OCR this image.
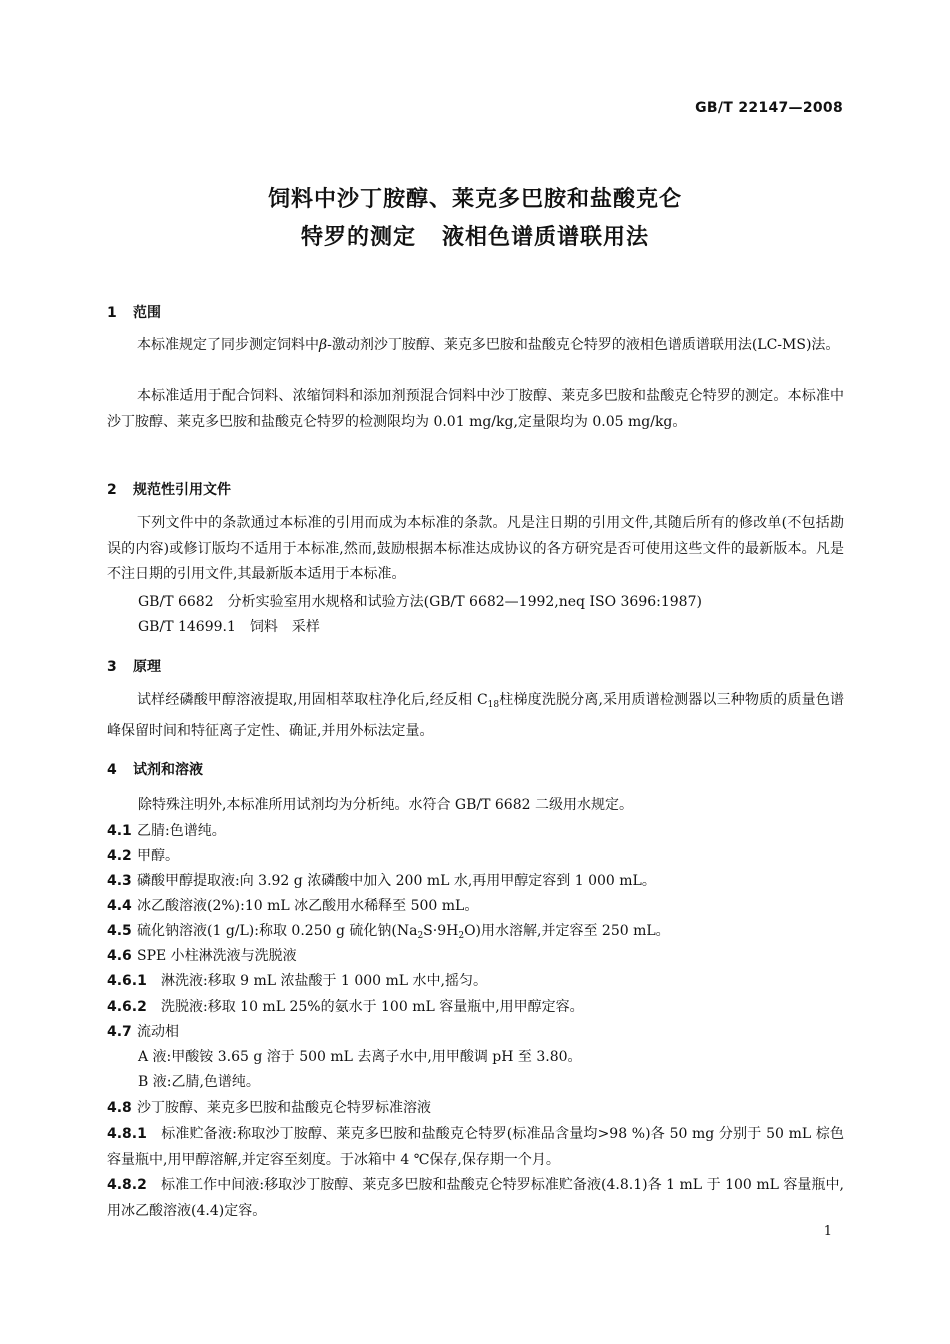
GB/T 22147—2008
饲料中沙丁胺醇、莱克多巴胺和盐酸克仑
特罗的测定 液相色谱质谱联用法
1 范围

本标准规定了同步测定饲料中β-激动剂沙丁胺醇、莱克多巴胺和盐酸克仑特罗的液相色谱质谱联用法(LC-MS)法。

本标准适用于配合饲料、浓缩饲料和添加剂预混合饲料中沙丁胺醇、莱克多巴胺和盐酸克仑特罗的测定。本标准中沙丁胺醇、莱克多巴胺和盐酸克仑特罗的检测限均为 0.01 mg/kg,定量限均为 0.05 mg/kg。

2 规范性引用文件

下列文件中的条款通过本标准的引用而成为本标准的条款。凡是注日期的引用文件,其随后所有的修改单(不包括勘误的内容)或修订版均不适用于本标准,然而,鼓励根据本标准达成协议的各方研究是否可使用这些文件的最新版本。凡是不注日期的引用文件,其最新版本适用于本标准。

GB/T 6682　分析实验室用水规格和试验方法(GB/T 6682—1992,neq ISO 3696:1987)
GB/T 14699.1　饲料　采样
3 原理

试样经磷酸甲醇溶液提取,用固相萃取柱净化后,经反相 $C_{18}$柱梯度洗脱分离,采用质谱检测器以三种物质的质量色谱峰保留时间和特征离子定性、确证,并用外标法定量。

4 试剂和溶液
除特殊注明外,本标准所用试剂均为分析纯。水符合 GB/T 6682 二级用水规定。
4.1 乙腈:色谱纯。
4.2 甲醇。
4.3 磷酸甲醇提取液:向 3.92 g 浓磷酸中加入 200 mL 水,再用甲醇定容到 1 000 mL。
4.4 冰乙酸溶液(2%):10 mL 冰乙酸用水稀释至 500 mL。
4.5 硫化钠溶液(1 g/L):称取 0.250 g 硫化钠$(Na_2S\cdot 9H_2O)$用水溶解,并定容至 250 mL。
4.6 SPE 小柱淋洗液与洗脱液
4.6.1 淋洗液:移取 9 mL 浓盐酸于 1 000 mL 水中,摇匀。
4.6.2 洗脱液:移取 10 mL 25%的氨水于 100 mL 容量瓶中,用甲醇定容。
4.7 流动相
A 液:甲酸铵 3.65 g 溶于 500 mL 去离子水中,用甲酸调 pH 至 3.80。
B 液:乙腈,色谱纯。
4.8 沙丁胺醇、莱克多巴胺和盐酸克仑特罗标准溶液

4.8.1 标准贮备液:称取沙丁胺醇、莱克多巴胺和盐酸克仑特罗(标准品含量均>98 %)各 50 mg 分别于 50 mL 棕色容量瓶中,用甲醇溶解,并定容至刻度。于冰箱中 4 ℃保存,保存期一个月。

4.8.2 标准工作中间液:移取沙丁胺醇、莱克多巴胺和盐酸克仑特罗标准贮备液(4.8.1)各 1 mL 于 100 mL 容量瓶中,用冰乙酸溶液(4.4)定容。

1
